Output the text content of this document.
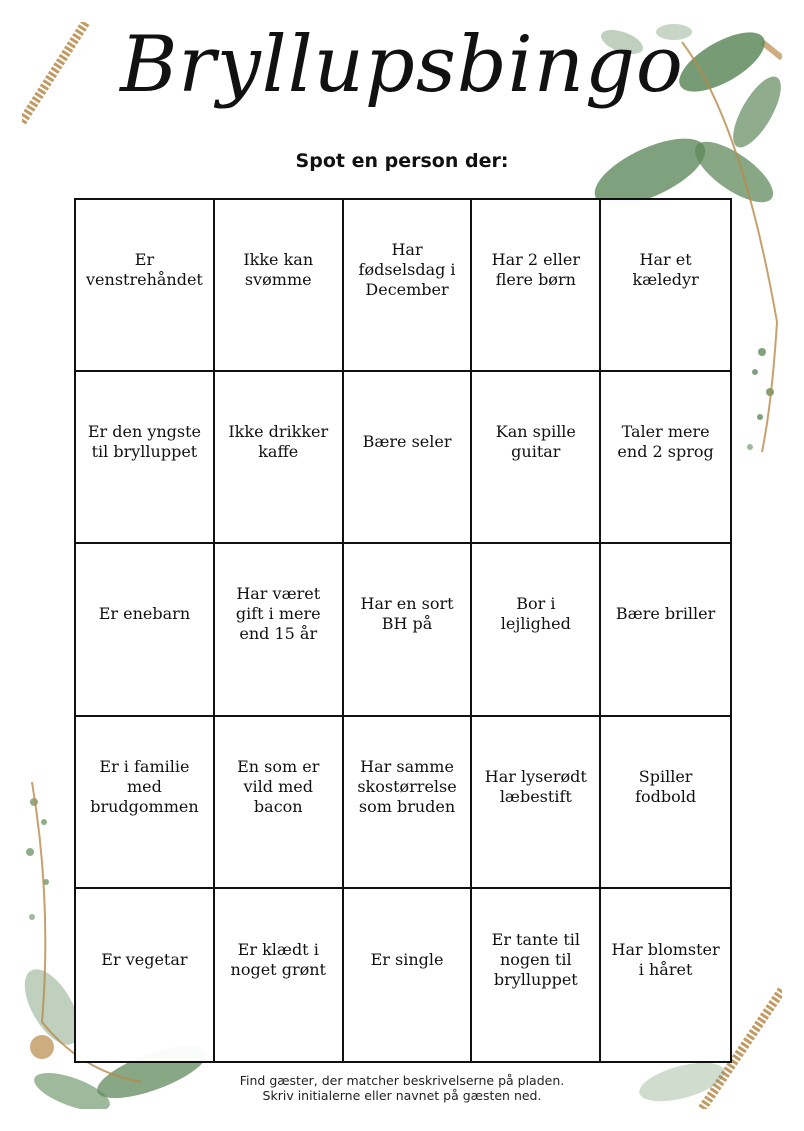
Bryllupsbingo
Spot en person der:
Er venstrehåndet
Ikke kan svømme
Har fødselsdag i December
Har 2 eller flere børn
Har et kæledyr
Er den yngste til brylluppet
Ikke drikker kaffe
Bære seler
Kan spille guitar
Taler mere end 2 sprog
Er enebarn
Har været gift i mere end 15 år
Har en sort BH på
Bor i lejlighed
Bære briller
Er i familie med brudgommen
En som er vild med bacon
Har samme skostørrelse som bruden
Har lyserødt læbestift
Spiller fodbold
Er vegetar
Er klædt i noget grønt
Er single
Er tante til nogen til brylluppet
Har blomster i håret
Find gæster, der matcher beskrivelserne på pladen.
Skriv initialerne eller navnet på gæsten ned.
